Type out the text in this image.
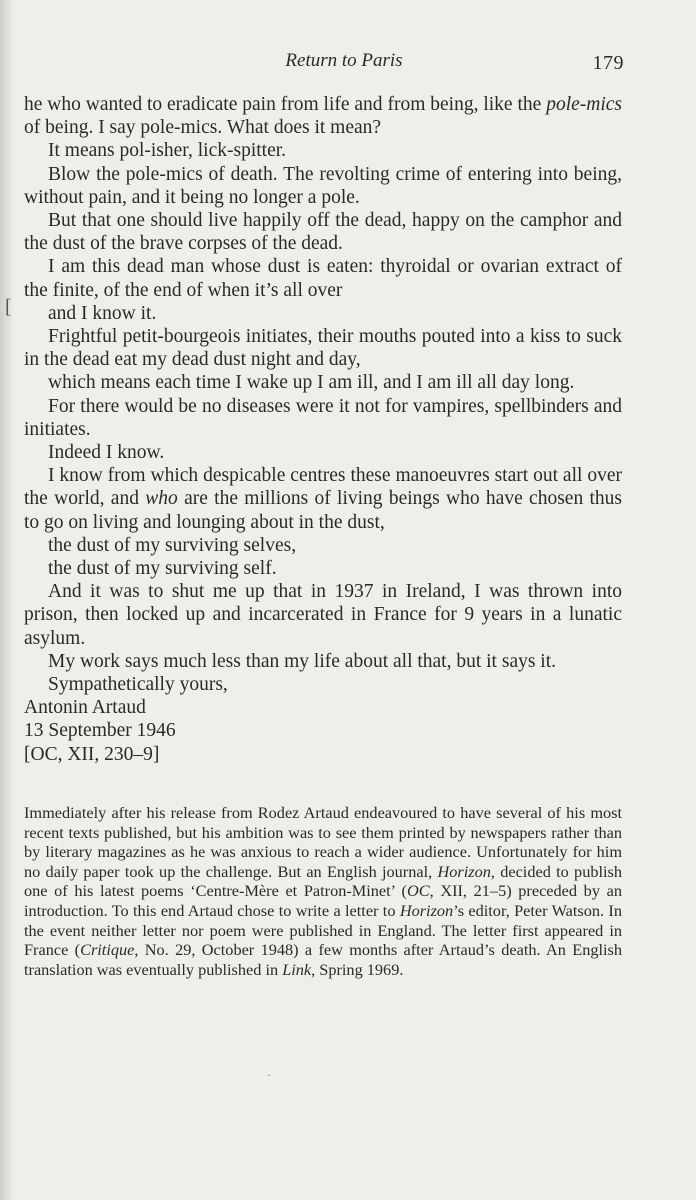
Return to Paris	179
[

he who wanted to eradicate pain from life and from being, like the pole-mics of being. I say pole-mics. What does it mean?

It means pol-isher, lick-spitter.

Blow the pole-mics of death. The revolting crime of entering into being, without pain, and it being no longer a pole.

But that one should live happily off the dead, happy on the camphor and the dust of the brave corpses of the dead.

I am this dead man whose dust is eaten: thyroidal or ovarian extract of the finite, of the end of when it’s all over

and I know it.

Frightful petit-bourgeois initiates, their mouths pouted into a kiss to suck in the dead eat my dead dust night and day,

which means each time I wake up I am ill, and I am ill all day long.

For there would be no diseases were it not for vampires, spellbinders and initiates.

Indeed I know.

I know from which despicable centres these manoeuvres start out all over the world, and who are the millions of living beings who have chosen thus to go on living and lounging about in the dust,

the dust of my surviving selves,

the dust of my surviving self.

And it was to shut me up that in 1937 in Ireland, I was thrown into prison, then locked up and incarcerated in France for 9 years in a lunatic asylum.

My work says much less than my life about all that, but it says it.

Sympathetically yours,

Antonin Artaud

13 September 1946

[OC, XII, 230–9]

Immediately after his release from Rodez Artaud endeavoured to have several of his most recent texts published, but his ambition was to see them printed by newspapers rather than by literary magazines as he was anxious to reach a wider audience. Unfortunately for him no daily paper took up the challenge. But an English journal, Horizon, decided to publish one of his latest poems ‘Centre-Mère et Patron-Minet’ (OC, XII, 21–5) preceded by an introduction. To this end Artaud chose to write a letter to Horizon’s editor, Peter Watson. In the event neither letter nor poem were published in England. The letter first appeared in France (Critique, No. 29, October 1948) a few months after Artaud’s death. An English translation was eventually published in Link, Spring 1969.

·
